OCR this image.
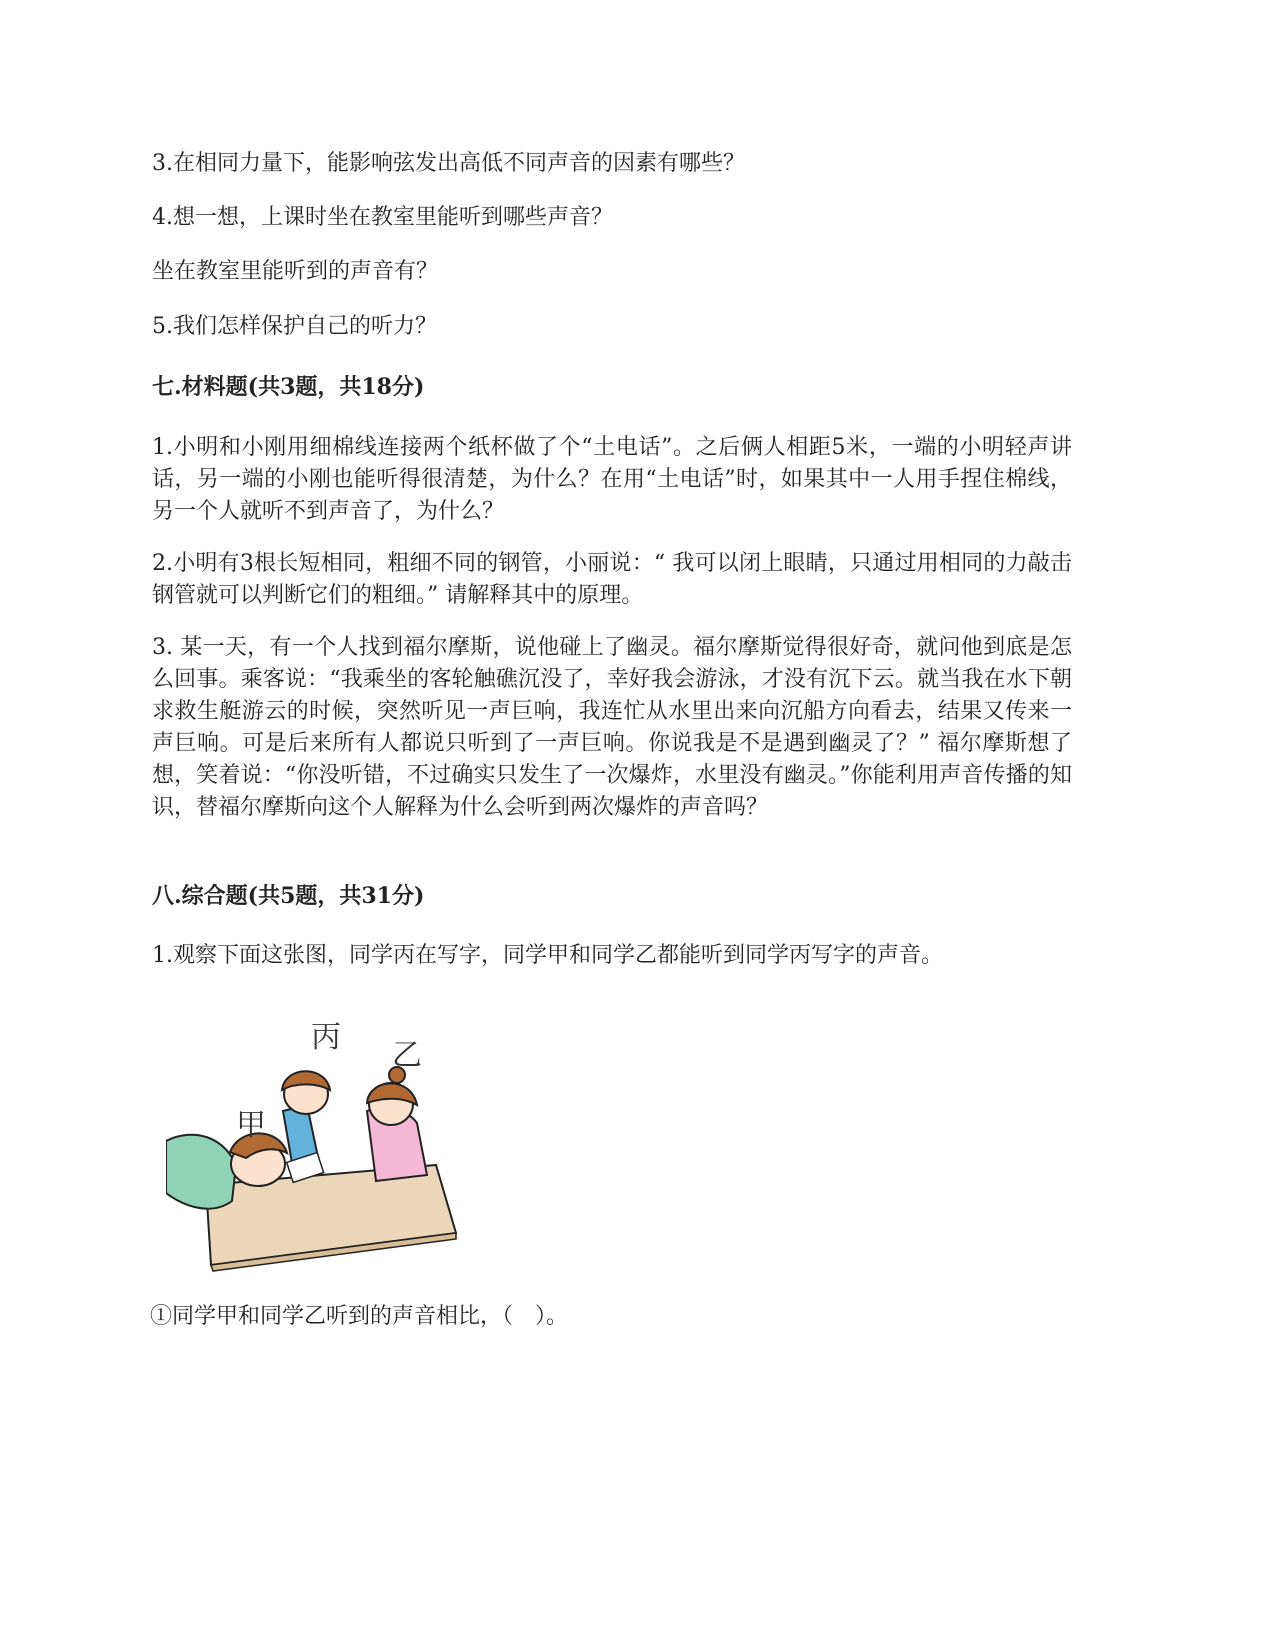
3.在相同力量下，能影响弦发出高低不同声音的因素有哪些？

4.想一想，上课时坐在教室里能听到哪些声音？

坐在教室里能听到的声音有？

5.我们怎样保护自己的听力？

七.材料题(共3题，共18分)

1.小明和小刚用细棉线连接两个纸杯做了个“土电话”。之后俩人相距5米，一端的小明轻声讲话，另一端的小刚也能听得很清楚，为什么？在用“土电话”时，如果其中一人用手捏住棉线，另一个人就听不到声音了，为什么？

2.小明有3根长短相同，粗细不同的钢管，小丽说：“ 我可以闭上眼睛，只通过用相同的力敲击钢管就可以判断它们的粗细。” 请解释其中的原理。

3. 某一天，有一个人找到福尔摩斯，说他碰上了幽灵。福尔摩斯觉得很好奇，就问他到底是怎么回事。乘客说：“我乘坐的客轮触礁沉没了，幸好我会游泳，才没有沉下云。就当我在水下朝求救生艇游云的时候，突然听见一声巨响，我连忙从水里出来向沉船方向看去，结果又传来一声巨响。可是后来所有人都说只听到了一声巨响。你说我是不是遇到幽灵了？” 福尔摩斯想了想，笑着说：“你没听错，不过确实只发生了一次爆炸，水里没有幽灵。”你能利用声音传播的知识，替福尔摩斯向这个人解释为什么会听到两次爆炸的声音吗？

八.综合题(共5题，共31分)

1.观察下面这张图，同学丙在写字，同学甲和同学乙都能听到同学丙写字的声音。

①同学甲和同学乙听到的声音相比，（　）。

丙
乙
甲
